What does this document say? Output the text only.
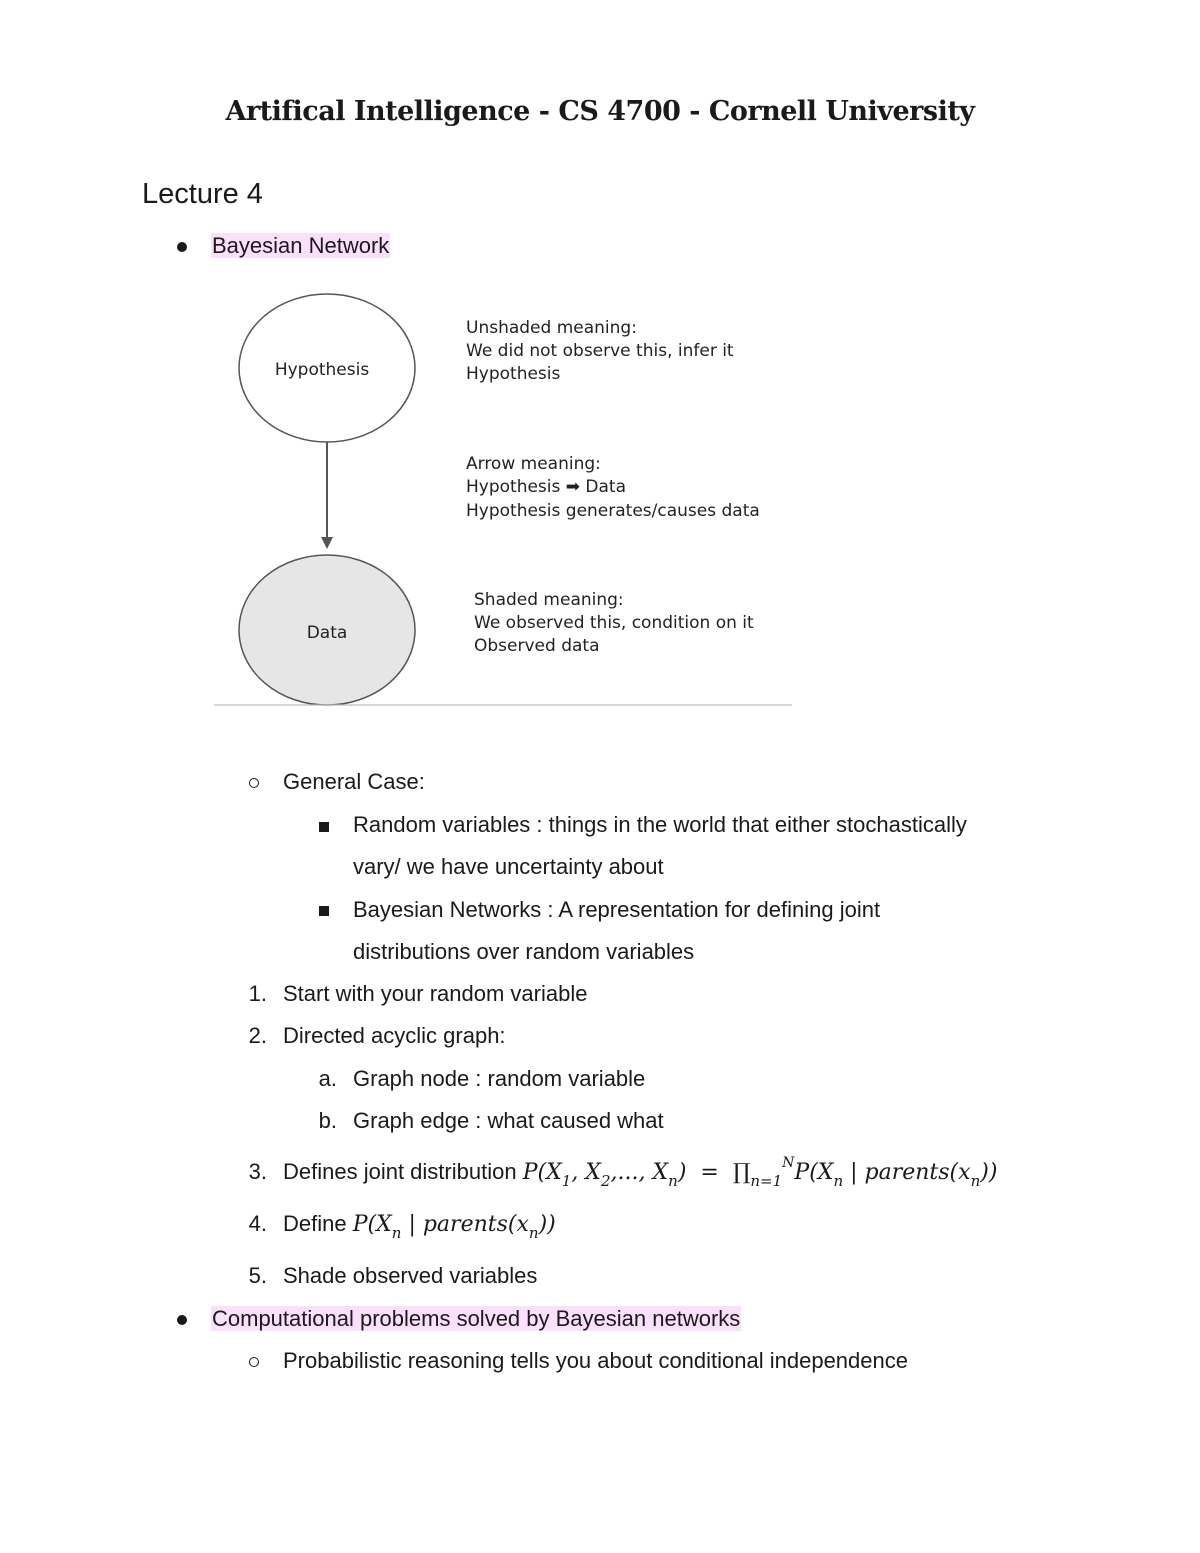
Artifical Intelligence - CS 4700 - Cornell University
Lecture 4
Bayesian Network
Hypothesis
Data
Unshaded meaning:
We did not observe this, infer it
Hypothesis
Arrow meaning:
Hypothesis ➡ Data
Hypothesis generates/causes data
Shaded meaning:
We observed this, condition on it
Observed data
General Case:
Random variables : things in the world that either stochastically
vary/ we have uncertainty about
Bayesian Networks : A representation for defining joint
distributions over random variables
1. Start with your random variable
2. Directed acyclic graph:
a. Graph node : random variable
b. Graph edge : what caused what
3. Defines joint distribution $P(X_1$, $X_2$,..., $X_n$) = $\prod_{n=1}^NP(X_n$ | $parents(x_n)$)
4. Define $P(X_n$ | $parents(x_n)$)
5. Shade observed variables
Computational problems solved by Bayesian networks
Probabilistic reasoning tells you about conditional independence
